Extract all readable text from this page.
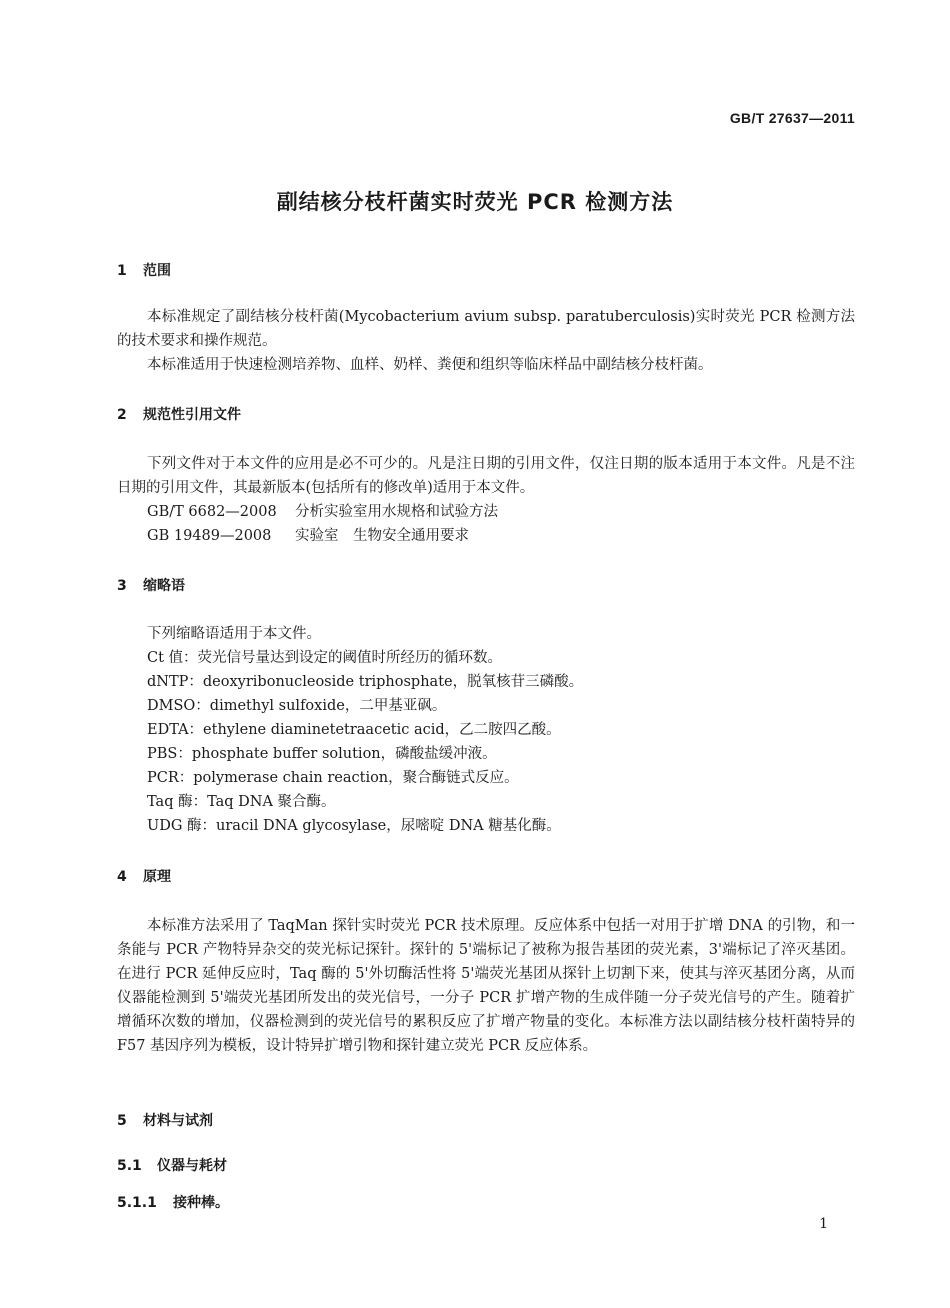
GB/T 27637—2011
副结核分枝杆菌实时荧光 PCR 检测方法
1 范围

本标准规定了副结核分枝杆菌(Mycobacterium avium subsp. paratuberculosis)实时荧光 PCR 检测方法的技术要求和操作规范。

本标准适用于快速检测培养物、血样、奶样、粪便和组织等临床样品中副结核分枝杆菌。

2 规范性引用文件

下列文件对于本文件的应用是必不可少的。凡是注日期的引用文件，仅注日期的版本适用于本文件。凡是不注日期的引用文件，其最新版本(包括所有的修改单)适用于本文件。

GB/T 6682—2008 分析实验室用水规格和试验方法

GB 19489—2008 实验室　生物安全通用要求

3 缩略语

下列缩略语适用于本文件。

Ct 值：荧光信号量达到设定的阈值时所经历的循环数。

dNTP：deoxyribonucleoside triphosphate，脱氧核苷三磷酸。

DMSO：dimethyl sulfoxide，二甲基亚砜。

EDTA：ethylene diaminetetraacetic acid，乙二胺四乙酸。

PBS：phosphate buffer solution，磷酸盐缓冲液。

PCR：polymerase chain reaction，聚合酶链式反应。

Taq 酶：Taq DNA 聚合酶。

UDG 酶：uracil DNA glycosylase，尿嘧啶 DNA 糖基化酶。

4 原理

本标准方法采用了 TaqMan 探针实时荧光 PCR 技术原理。反应体系中包括一对用于扩增 DNA 的引物，和一条能与 PCR 产物特异杂交的荧光标记探针。探针的 5'端标记了被称为报告基团的荧光素，3'端标记了淬灭基团。在进行 PCR 延伸反应时，Taq 酶的 5'外切酶活性将 5'端荧光基团从探针上切割下来，使其与淬灭基团分离，从而仪器能检测到 5'端荧光基团所发出的荧光信号，一分子 PCR 扩增产物的生成伴随一分子荧光信号的产生。随着扩增循环次数的增加，仪器检测到的荧光信号的累积反应了扩增产物量的变化。本标准方法以副结核分枝杆菌特异的 F57 基因序列为模板，设计特异扩增引物和探针建立荧光 PCR 反应体系。

5 材料与试剂
5.1 仪器与耗材
5.1.1 接种棒。
1
